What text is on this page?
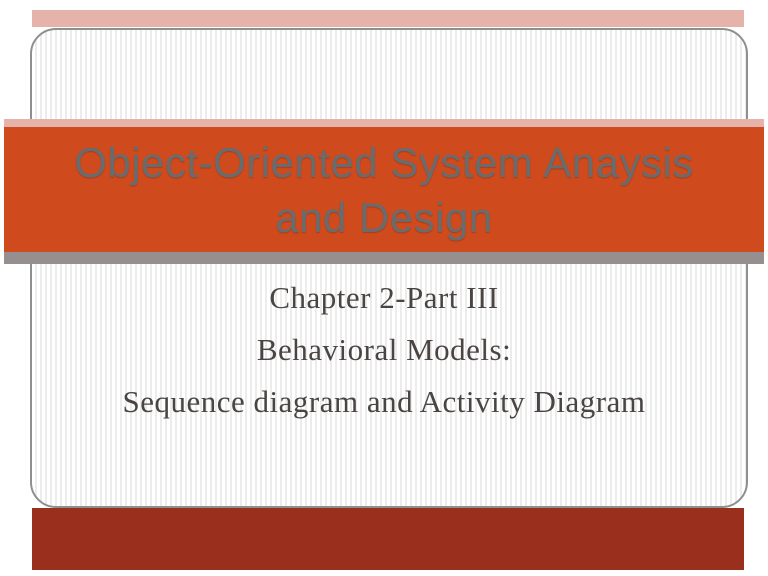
Object-Oriented System Anaysis
and Design
Chapter 2-Part III
Behavioral Models:
Sequence diagram and Activity Diagram
